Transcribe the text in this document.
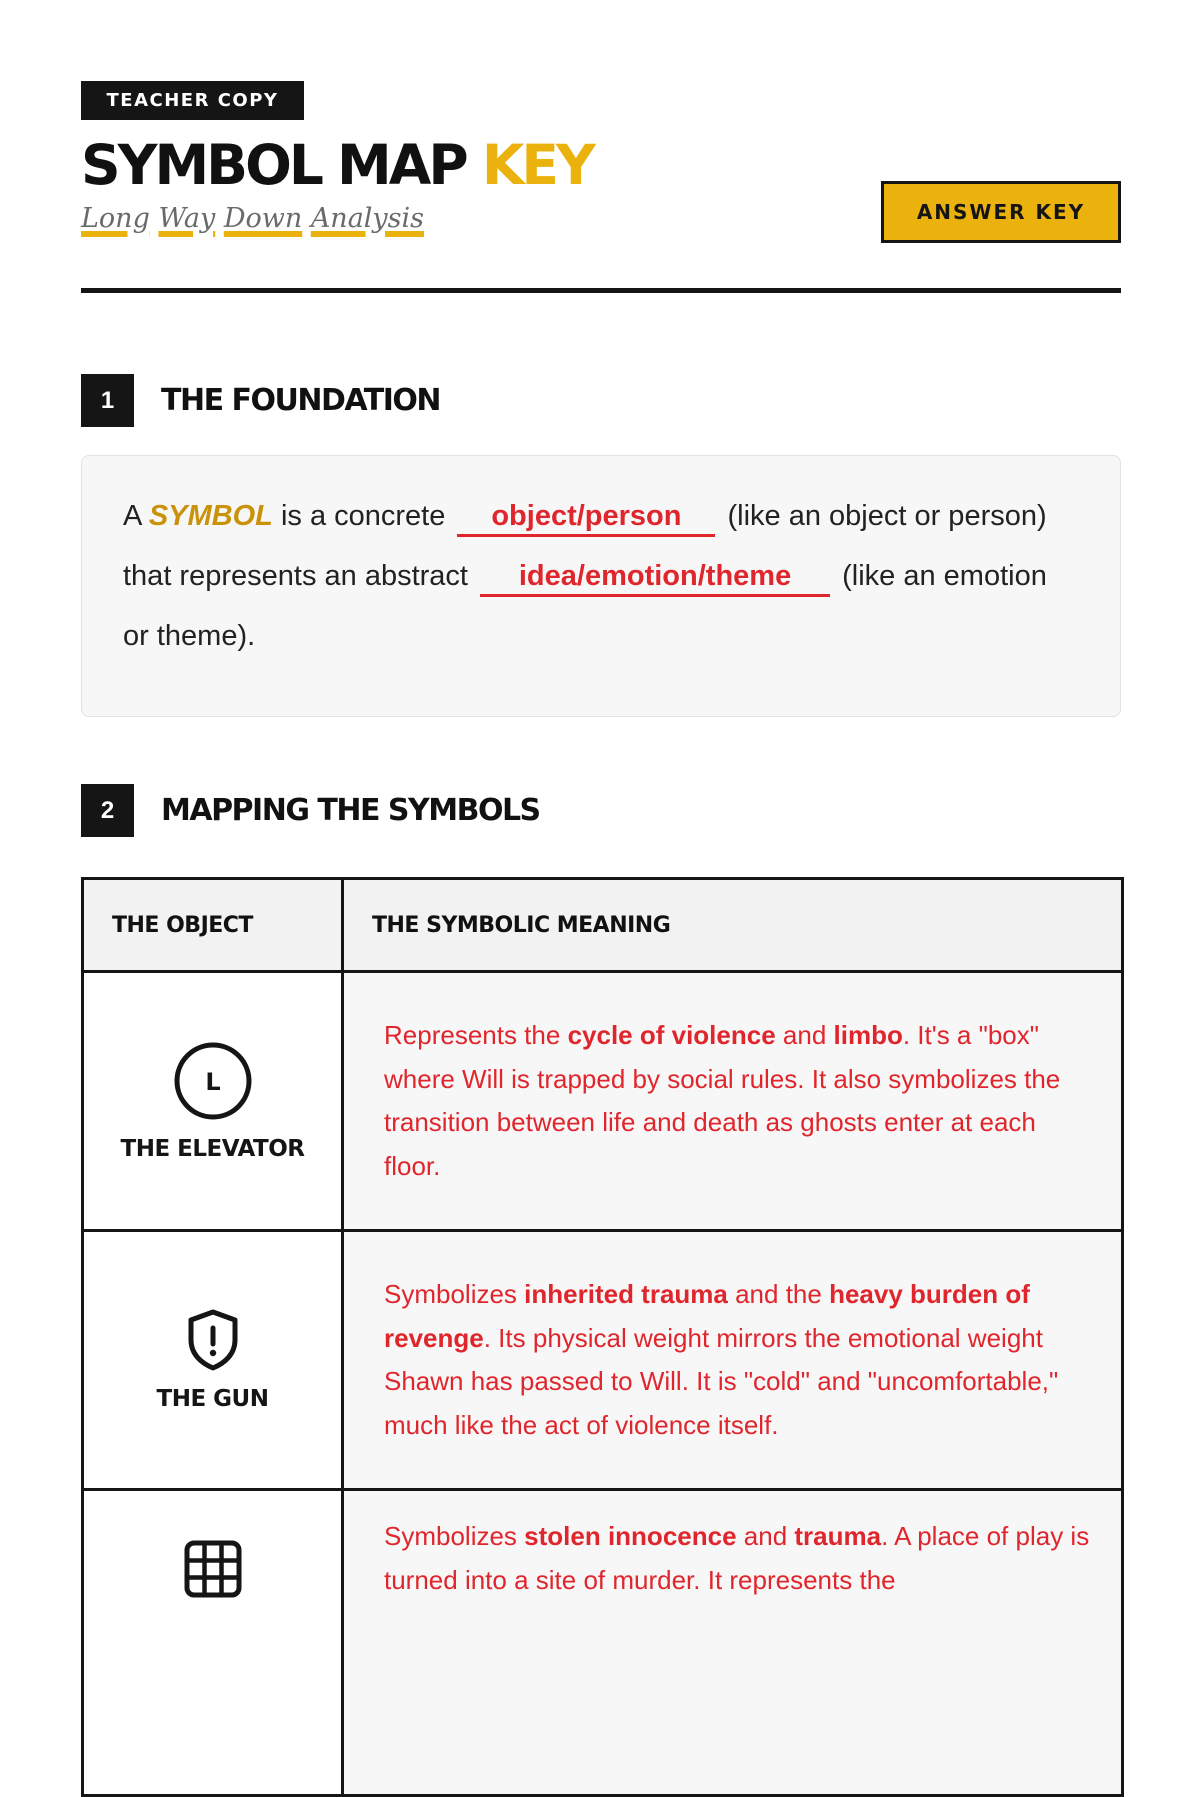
TEACHER COPY
SYMBOL MAP KEY
Long Way Down Analysis	ANSWER KEY
1	THE FOUNDATION
A SYMBOL is a concrete object/person (like an object or person) that represents an abstract idea/emotion/theme (like an emotion or theme).
2	MAPPING THE SYMBOLS
THE OBJECT	THE SYMBOLIC MEANING

L
THE ELEVATOR	Represents the cycle of violence and limbo. It's a "box" where Will is trapped by social rules. It also symbolizes the transition between life and death as ghosts enter at each floor.

THE GUN	Symbolizes inherited trauma and the heavy burden of revenge. Its physical weight mirrors the emotional weight Shawn has passed to Will. It is "cold" and "uncomfortable," much like the act of violence itself.

	Symbolizes stolen innocence and trauma. A place of play is turned into a site of murder. It represents the
